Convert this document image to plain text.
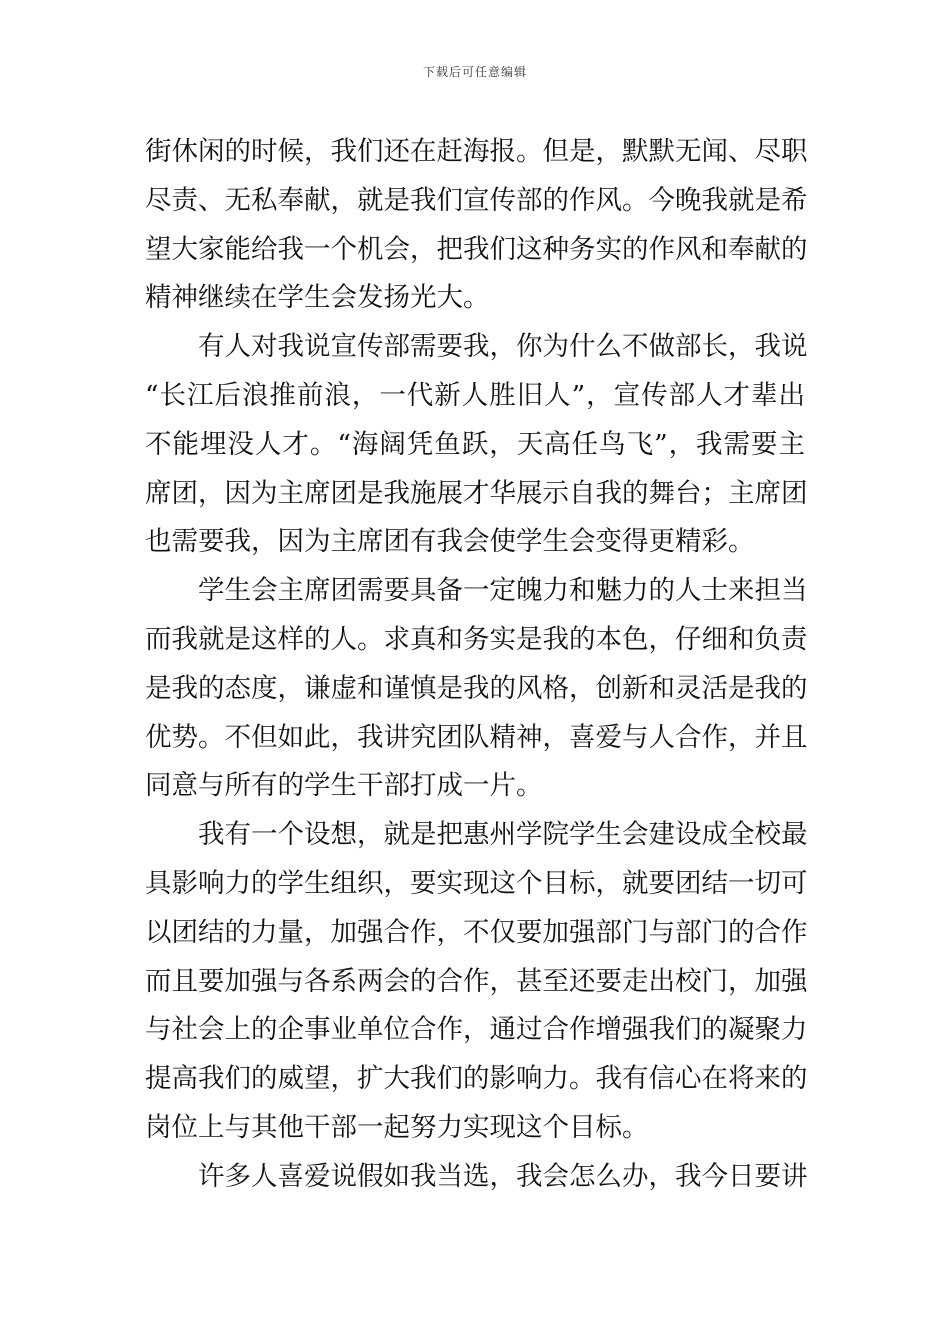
下载后可任意编辑
街休闲的时候，我们还在赶海报。但是，默默无闻、尽职
尽责、无私奉献，就是我们宣传部的作风。今晚我就是希
望大家能给我一个机会，把我们这种务实的作风和奉献的
精神继续在学生会发扬光大。
有人对我说宣传部需要我，你为什么不做部长，我说
“长江后浪推前浪，一代新人胜旧人”，宣传部人才辈出
不能埋没人才。“海阔凭鱼跃，天高任鸟飞”，我需要主
席团，因为主席团是我施展才华展示自我的舞台；主席团
也需要我，因为主席团有我会使学生会变得更精彩。
学生会主席团需要具备一定魄力和魅力的人士来担当
而我就是这样的人。求真和务实是我的本色，仔细和负责
是我的态度，谦虚和谨慎是我的风格，创新和灵活是我的
优势。不但如此，我讲究团队精神，喜爱与人合作，并且
同意与所有的学生干部打成一片。
我有一个设想，就是把惠州学院学生会建设成全校最
具影响力的学生组织，要实现这个目标，就要团结一切可
以团结的力量，加强合作，不仅要加强部门与部门的合作
而且要加强与各系两会的合作，甚至还要走出校门，加强
与社会上的企事业单位合作，通过合作增强我们的凝聚力
提高我们的威望，扩大我们的影响力。我有信心在将来的
岗位上与其他干部一起努力实现这个目标。
许多人喜爱说假如我当选，我会怎么办，我今日要讲
